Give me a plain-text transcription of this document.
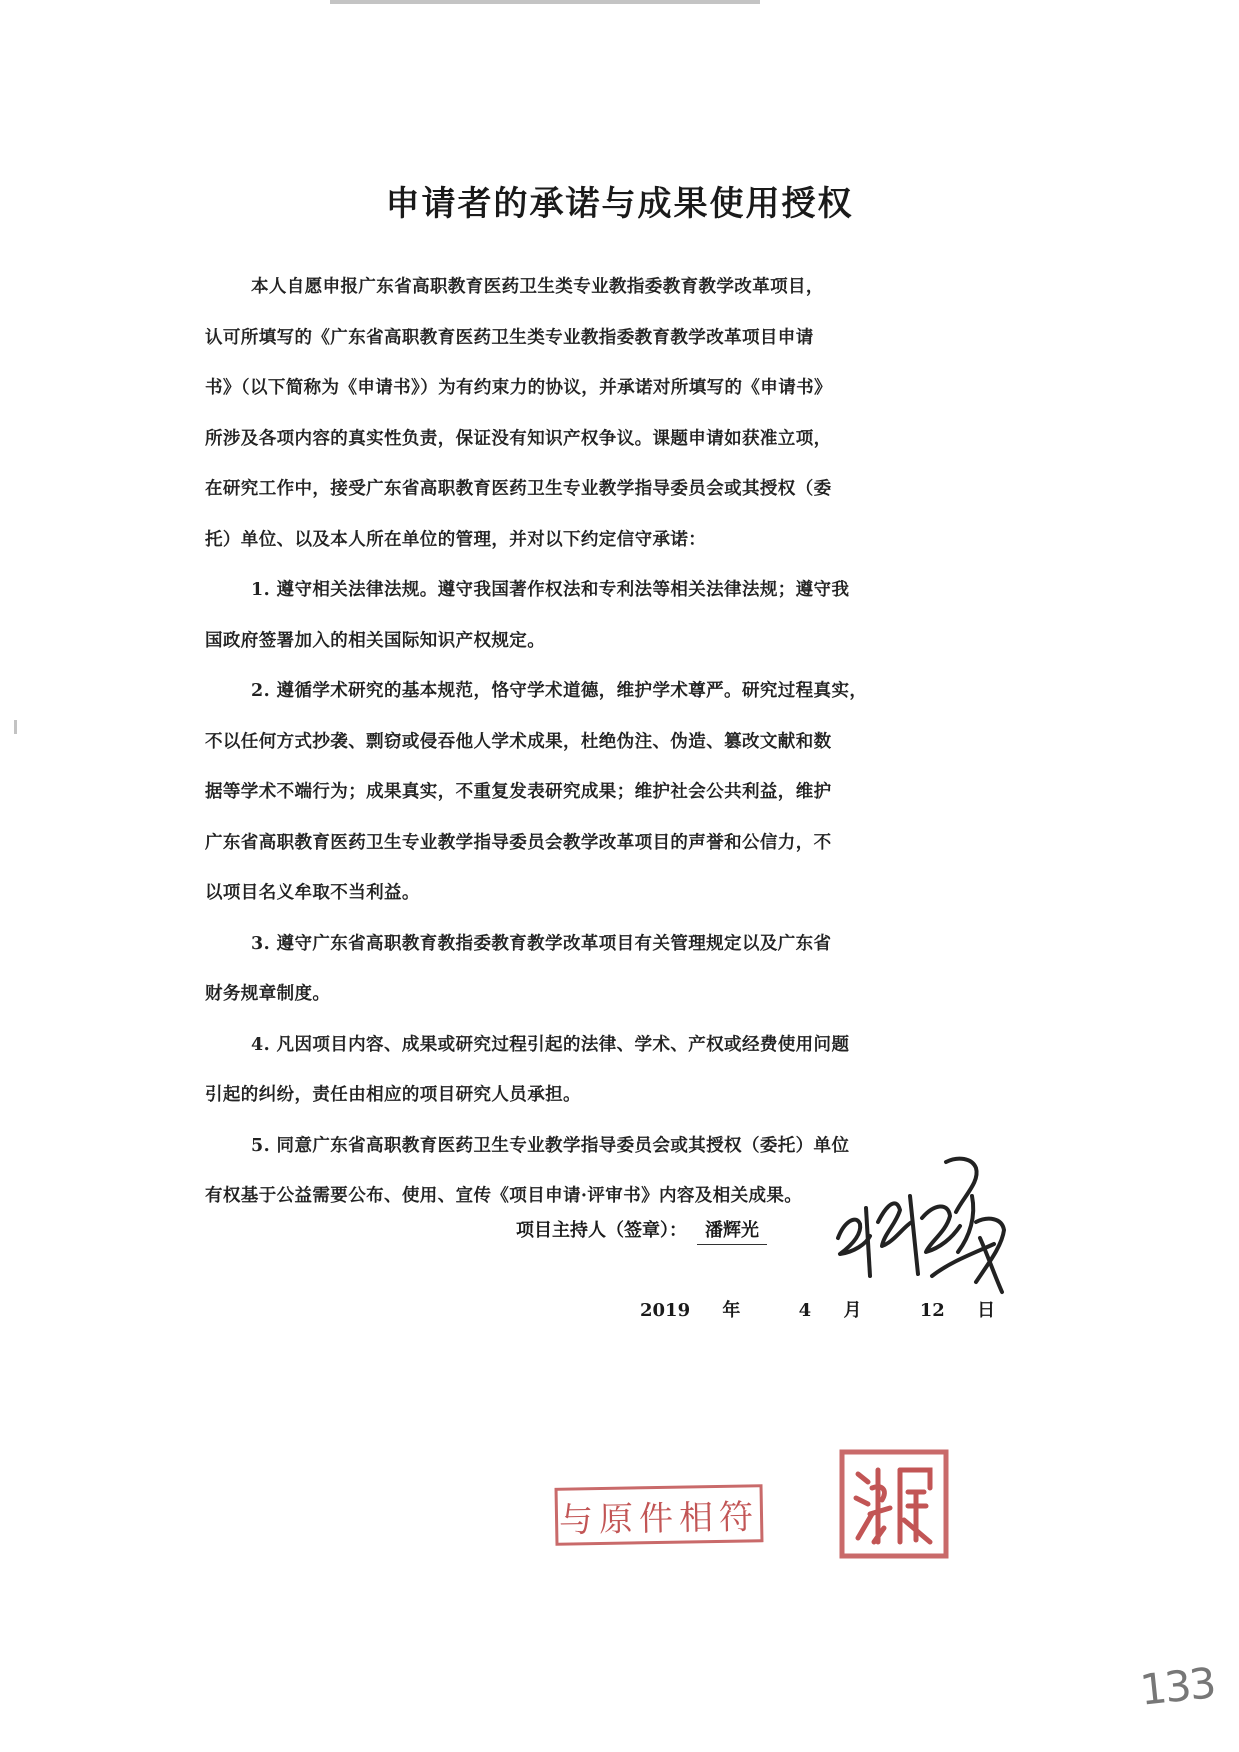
申请者的承诺与成果使用授权
本人自愿申报广东省高职教育医药卫生类专业教指委教育教学改革项目，
认可所填写的《广东省高职教育医药卫生类专业教指委教育教学改革项目申请
书》（以下简称为《申请书》）为有约束力的协议，并承诺对所填写的《申请书》
所涉及各项内容的真实性负责，保证没有知识产权争议。课题申请如获准立项，
在研究工作中，接受广东省高职教育医药卫生专业教学指导委员会或其授权（委
托）单位、以及本人所在单位的管理，并对以下约定信守承诺：
1. 遵守相关法律法规。遵守我国著作权法和专利法等相关法律法规；遵守我
国政府签署加入的相关国际知识产权规定。
2. 遵循学术研究的基本规范，恪守学术道德，维护学术尊严。研究过程真实，
不以任何方式抄袭、剽窃或侵吞他人学术成果，杜绝伪注、伪造、篡改文献和数
据等学术不端行为；成果真实，不重复发表研究成果；维护社会公共利益，维护
广东省高职教育医药卫生专业教学指导委员会教学改革项目的声誉和公信力，不
以项目名义牟取不当利益。
3. 遵守广东省高职教育教指委教育教学改革项目有关管理规定以及广东省
财务规章制度。
4. 凡因项目内容、成果或研究过程引起的法律、学术、产权或经费使用问题
引起的纠纷，责任由相应的项目研究人员承担。
5. 同意广东省高职教育医药卫生专业教学指导委员会或其授权（委托）单位
有权基于公益需要公布、使用、宣传《项目申请·评审书》内容及相关成果。
项目主持人（签章）： 潘辉光
2019 年	4 月	12 日
与原件相符
133
